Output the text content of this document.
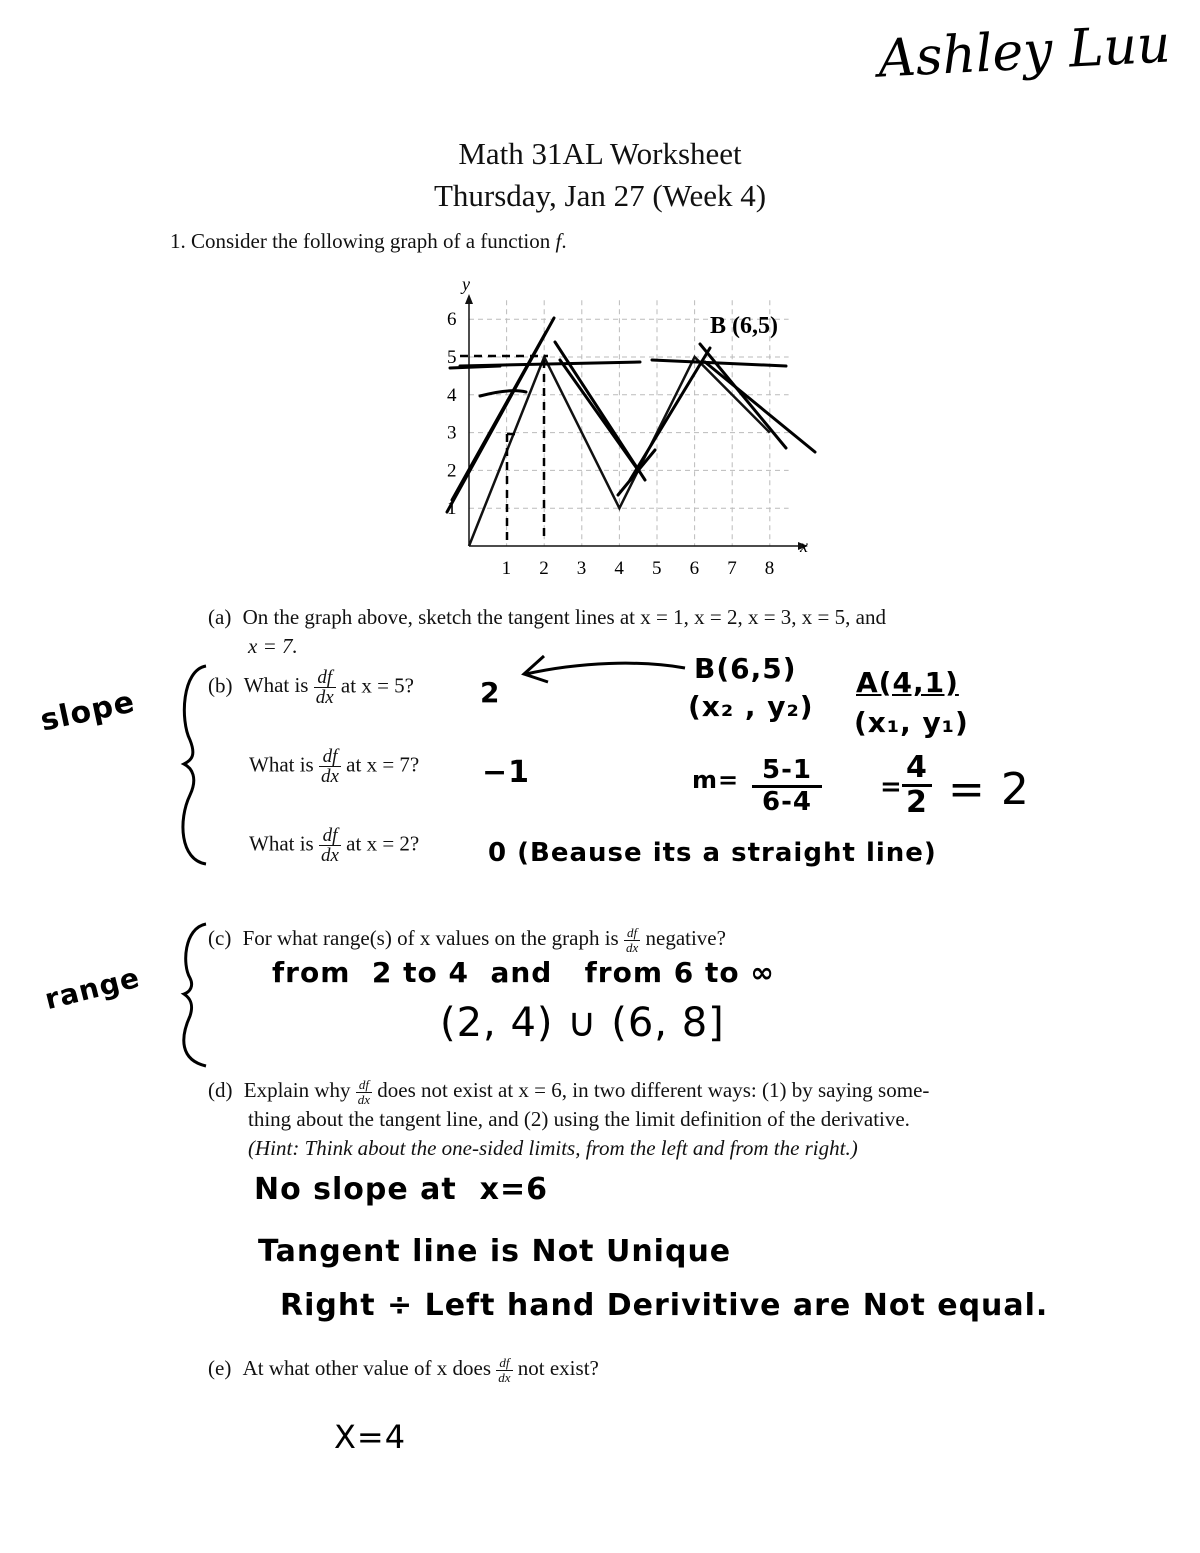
Ashley Luu
Math 31AL Worksheet
Thursday, Jan 27 (Week 4)
1. Consider the following graph of a function f.
x
y
1 2 3 4 5 6 7 8
1
2
3
4
5
6	B (6,5)
(a) On the graph above, sketch the tangent lines at x = 1, x = 2, x = 3, x = 5, and
x = 7.
slope
range
(b) What is $\frac{df}{dx}$ at x = 5? 2
What is $\frac{df}{dx}$ at x = 7? −1
What is $\frac{df}{dx}$ at x = 2?	0 (Beause its a straight line)
B(6,5)
(x₂ , y₂)
A(4,1)
(x₁, y₁)
$m= \frac{5-1}{6-4}$ =
4
2 = 2
(c) For what range(s) of x values on the graph is $\frac{df}{dx}$ negative?
from  2 to 4  and   from 6 to ∞
(2, 4) ∪ (6, 8]
(d) Explain why $\frac{df}{dx}$ does not exist at x = 6, in two different ways: (1) by saying some-
thing about the tangent line, and (2) using the limit definition of the derivative.
(Hint: Think about the one-sided limits, from the left and from the right.)
No slope at  x=6
Tangent line is Not Unique
Right ÷ Left hand Derivitive are Not equal.
(e) At what other value of x does $\frac{df}{dx}$ not exist?
X=4
